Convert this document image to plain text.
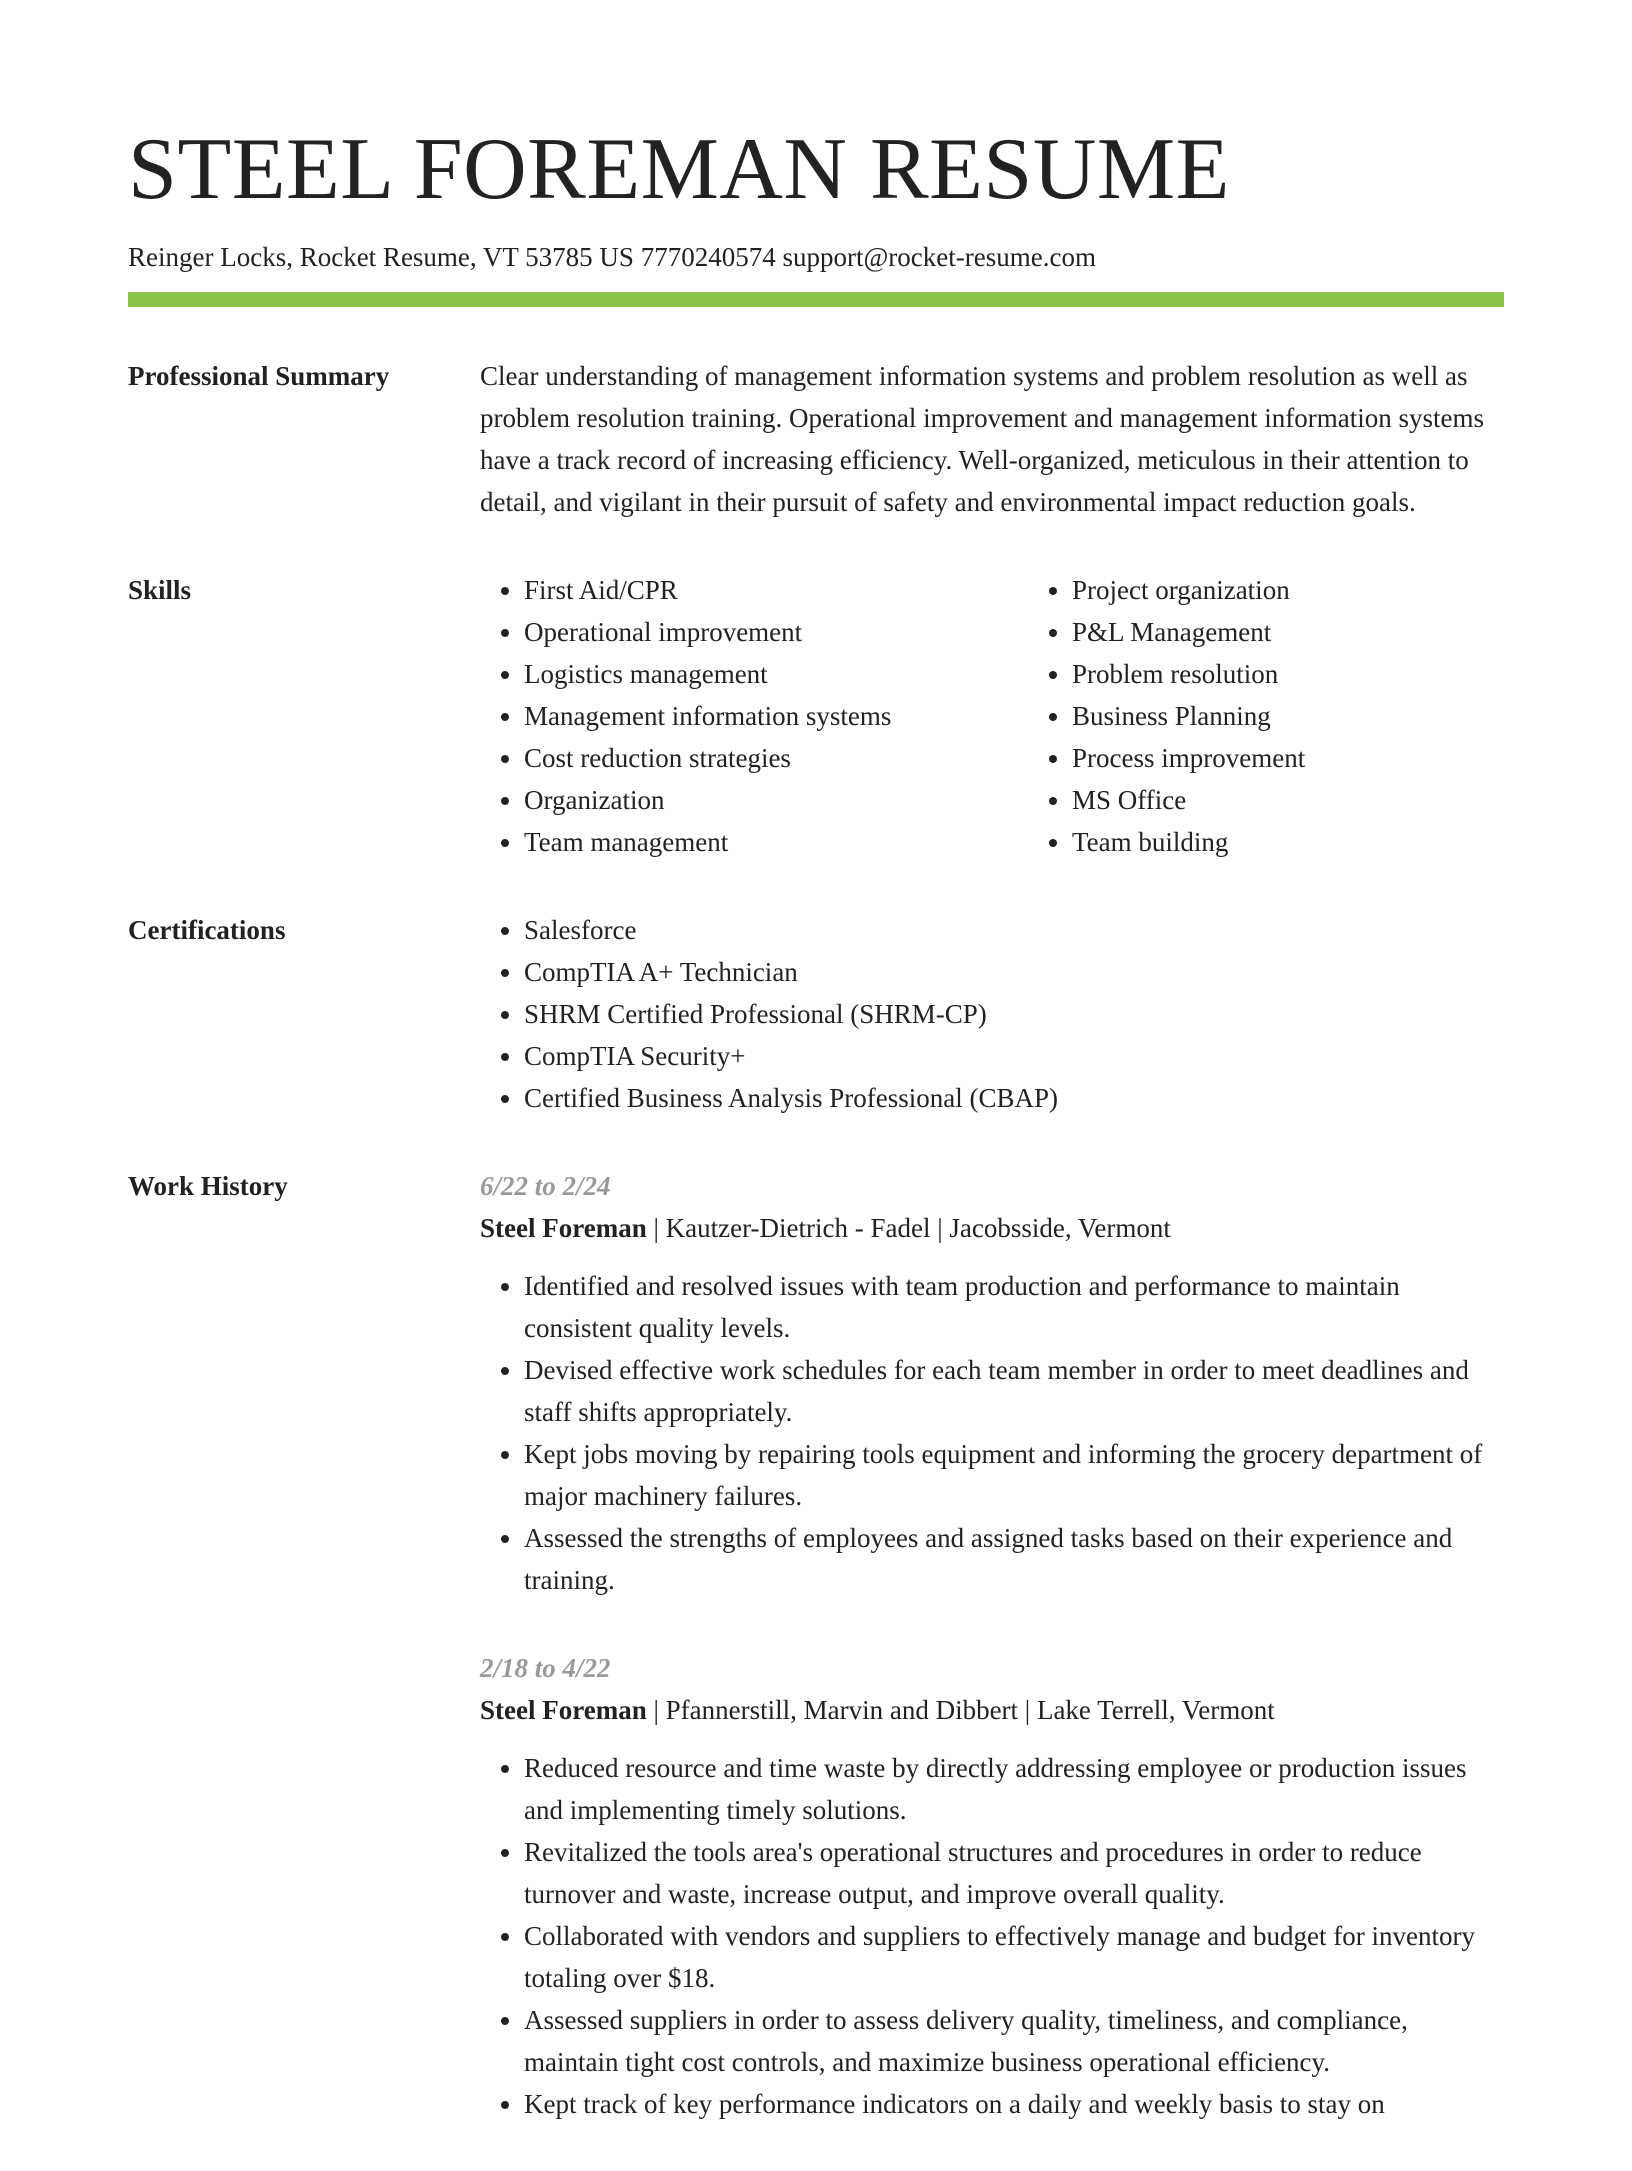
STEEL FOREMAN RESUME
Reinger Locks, Rocket Resume, VT 53785 US 7770240574 support@rocket-resume.com
Professional Summary	Clear understanding of management information systems and problem resolution as well as problem resolution training. Operational improvement and management information systems have a track record of increasing efficiency. Well-organized, meticulous in their attention to detail, and vigilant in their pursuit of safety and environmental impact reduction goals.

Skills	• First Aid/CPR
• Operational improvement
• Logistics management
• Management information systems
• Cost reduction strategies
• Organization
• Team management
• Project organization
• P&L Management
• Problem resolution
• Business Planning
• Process improvement
• MS Office
• Team building
Certifications	• Salesforce
• CompTIA A+ Technician
• SHRM Certified Professional (SHRM-CP)
• CompTIA Security+
• Certified Business Analysis Professional (CBAP)
Work History	6/22 to 2/24
Steel Foreman | Kautzer-Dietrich - Fadel | Jacobsside, Vermont
• Identified and resolved issues with team production and performance to maintain consistent quality levels.
• Devised effective work schedules for each team member in order to meet deadlines and staff shifts appropriately.
• Kept jobs moving by repairing tools equipment and informing the grocery department of major machinery failures.
• Assessed the strengths of employees and assigned tasks based on their experience and training.
2/18 to 4/22
Steel Foreman | Pfannerstill, Marvin and Dibbert | Lake Terrell, Vermont
• Reduced resource and time waste by directly addressing employee or production issues and implementing timely solutions.
• Revitalized the tools area's operational structures and procedures in order to reduce turnover and waste, increase output, and improve overall quality.
• Collaborated with vendors and suppliers to effectively manage and budget for inventory totaling over $18.
• Assessed suppliers in order to assess delivery quality, timeliness, and compliance, maintain tight cost controls, and maximize business operational efficiency.
• Kept track of key performance indicators on a daily and weekly basis to stay on
